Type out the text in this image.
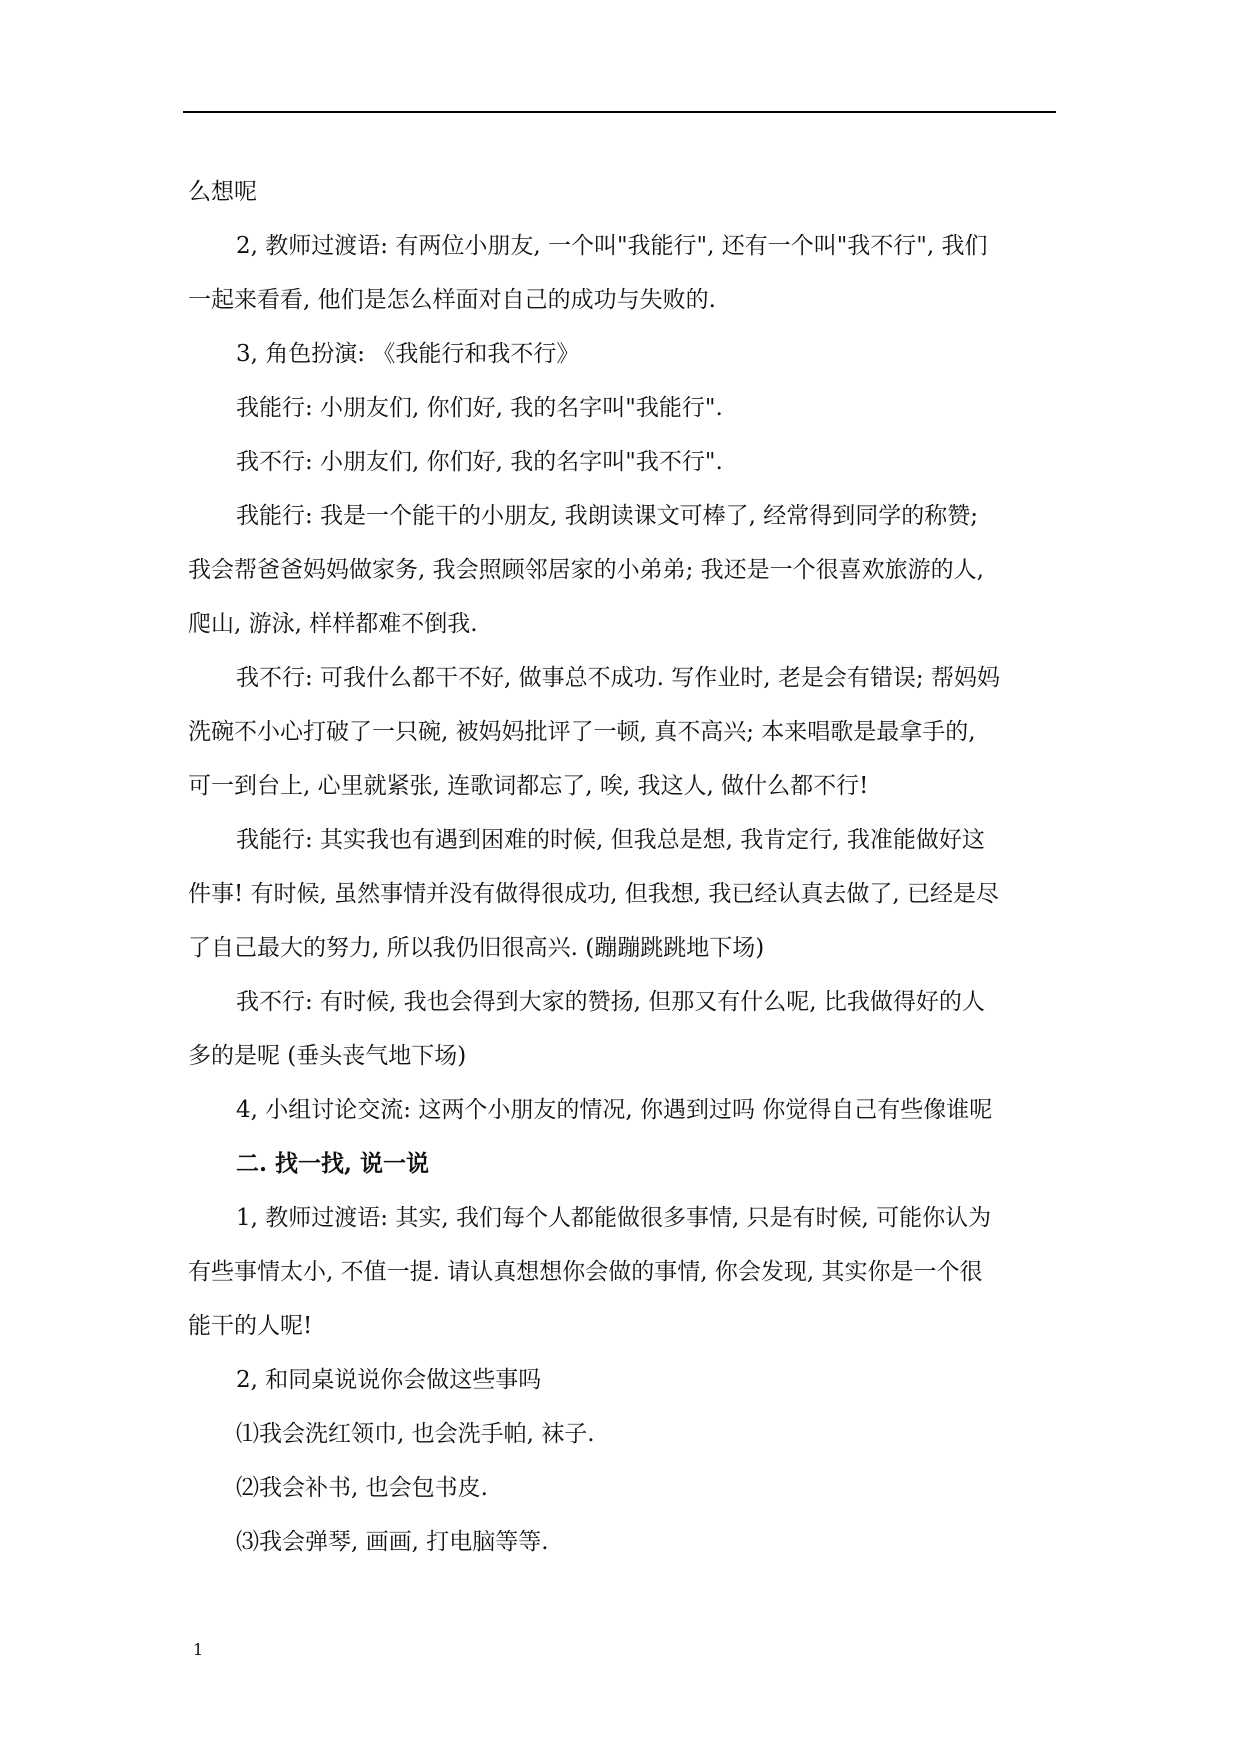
么想呢

2, 教师过渡语: 有两位小朋友, 一个叫"我能行", 还有一个叫"我不行", 我们

一起来看看, 他们是怎么样面对自己的成功与失败的.

3, 角色扮演: 《我能行和我不行》

我能行: 小朋友们, 你们好, 我的名字叫"我能行".

我不行: 小朋友们, 你们好, 我的名字叫"我不行".

我能行: 我是一个能干的小朋友, 我朗读课文可棒了, 经常得到同学的称赞;

我会帮爸爸妈妈做家务, 我会照顾邻居家的小弟弟; 我还是一个很喜欢旅游的人,

爬山, 游泳, 样样都难不倒我.

我不行: 可我什么都干不好, 做事总不成功. 写作业时, 老是会有错误; 帮妈妈

洗碗不小心打破了一只碗, 被妈妈批评了一顿, 真不高兴; 本来唱歌是最拿手的,

可一到台上, 心里就紧张, 连歌词都忘了, 唉, 我这人, 做什么都不行!

我能行: 其实我也有遇到困难的时候, 但我总是想, 我肯定行, 我准能做好这

件事! 有时候, 虽然事情并没有做得很成功, 但我想, 我已经认真去做了, 已经是尽

了自己最大的努力, 所以我仍旧很高兴. (蹦蹦跳跳地下场)

我不行: 有时候, 我也会得到大家的赞扬, 但那又有什么呢, 比我做得好的人

多的是呢 (垂头丧气地下场)

4, 小组讨论交流: 这两个小朋友的情况, 你遇到过吗 你觉得自己有些像谁呢

二. 找一找, 说一说

1, 教师过渡语: 其实, 我们每个人都能做很多事情, 只是有时候, 可能你认为

有些事情太小, 不值一提. 请认真想想你会做的事情, 你会发现, 其实你是一个很

能干的人呢!

2, 和同桌说说你会做这些事吗

⑴我会洗红领巾, 也会洗手帕, 袜子.

⑵我会补书, 也会包书皮.

⑶我会弹琴, 画画, 打电脑等等.

1
